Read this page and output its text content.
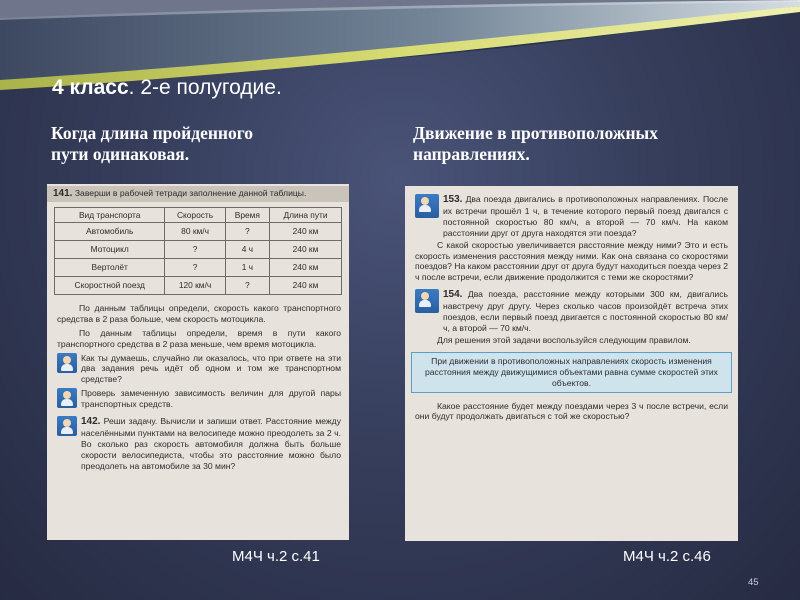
4 класс. 2-е полугодие.
Когда длина пройденного
пути одинаковая.
Движение в противоположных
направлениях.
141. Заверши в рабочей тетради заполнение данной таблицы.
Вид транспорта	Скорость	Время	Длина пути
Автомобиль	80 км/ч	?	240 км
Мотоцикл	?	4 ч	240 км
Вертолёт	?	1 ч	240 км
Скоростной поезд	120 км/ч	?	240 км

По данным таблицы определи, скорость какого транспортного средства в 2 раза больше, чем скорость мотоцикла.

По данным таблицы определи, время в пути какого транспортного средства в 2 раза меньше, чем время мотоцикла.

Как ты думаешь, случайно ли оказалось, что при ответе на эти два задания речь идёт об одном и том же транспортном средстве?

Проверь замеченную зависимость величин для другой пары транспортных средств.

142. Реши задачу. Вычисли и запиши ответ. Расстояние между населёнными пунктами на велосипеде можно преодолеть за 2 ч. Во сколько раз скорость автомобиля должна быть больше скорости велосипедиста, чтобы это расстояние можно было преодолеть на автомобиле за 30 мин?

153. Два поезда двигались в противоположных направлениях. После их встречи прошёл 1 ч, в течение которого первый поезд двигался с постоянной скоростью 80 км/ч, а второй — 70 км/ч. На каком расстоянии друг от друга находятся эти поезда?

С какой скоростью увеличивается расстояние между ними? Это и есть скорость изменения расстояния между ними. Как она связана со скоростями поездов? На каком расстоянии друг от друга будут находиться поезда через 2 ч после встречи, если движение продолжится с теми же скоростями?

154. Два поезда, расстояние между которыми 300 км, двигались навстречу друг другу. Через сколько часов произойдёт встреча этих поездов, если первый поезд двигается с постоянной скоростью 80 км/ч, а второй — 70 км/ч.

Для решения этой задачи воспользуйся следующим правилом.

При движении в противоположных направлениях скорость изменения расстояния между движущимися объектами равна сумме скоростей этих объектов.

Какое расстояние будет между поездами через 3 ч после встречи, если они будут продолжать двигаться с той же скоростью?

М4Ч ч.2 с.41	М4Ч ч.2 с.46
45
